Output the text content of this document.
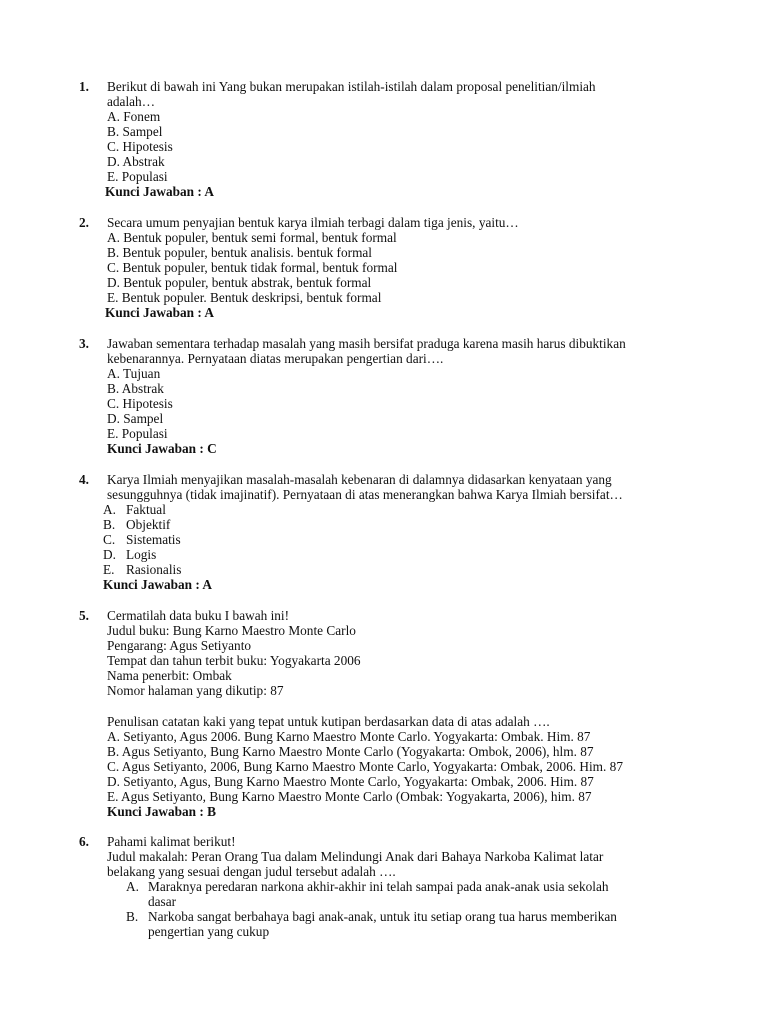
1. Berikut di bawah ini Yang bukan merupakan istilah-istilah dalam proposal penelitian/ilmiah
adalah…
A. Fonem
B. Sampel
C. Hipotesis
D. Abstrak
E. Populasi
Kunci Jawaban : A
2. Secara umum penyajian bentuk karya ilmiah terbagi dalam tiga jenis, yaitu…
A. Bentuk populer, bentuk semi formal, bentuk formal
B. Bentuk populer, bentuk analisis. bentuk formal
C. Bentuk populer, bentuk tidak formal, bentuk formal
D. Bentuk populer, bentuk abstrak, bentuk formal
E. Bentuk populer. Bentuk deskripsi, bentuk formal
Kunci Jawaban : A
3. Jawaban sementara terhadap masalah yang masih bersifat praduga karena masih harus dibuktikan
kebenarannya. Pernyataan diatas merupakan pengertian dari….
A. Tujuan
B. Abstrak
C. Hipotesis
D. Sampel
E. Populasi
Kunci Jawaban : C
4. Karya Ilmiah menyajikan masalah-masalah kebenaran di dalamnya didasarkan kenyataan yang
sesungguhnya (tidak imajinatif). Pernyataan di atas menerangkan bahwa Karya Ilmiah bersifat…
A. Faktual
B. Objektif
C. Sistematis
D. Logis
E. Rasionalis
Kunci Jawaban : A
5. Cermatilah data buku I bawah ini!
Judul buku: Bung Karno Maestro Monte Carlo
Pengarang: Agus Setiyanto
Tempat dan tahun terbit buku: Yogyakarta 2006
Nama penerbit: Ombak
Nomor halaman yang dikutip: 87
Penulisan catatan kaki yang tepat untuk kutipan berdasarkan data di atas adalah ….
A. Setiyanto, Agus 2006. Bung Karno Maestro Monte Carlo. Yogyakarta: Ombak. Him. 87
B. Agus Setiyanto, Bung Karno Maestro Monte Carlo (Yogyakarta: Ombok, 2006), hlm. 87
C. Agus Setiyanto, 2006, Bung Karno Maestro Monte Carlo, Yogyakarta: Ombak, 2006. Him. 87
D. Setiyanto, Agus, Bung Karno Maestro Monte Carlo, Yogyakarta: Ombak, 2006. Him. 87
E. Agus Setiyanto, Bung Karno Maestro Monte Carlo (Ombak: Yogyakarta, 2006), him. 87
Kunci Jawaban : B
6. Pahami kalimat berikut!
Judul makalah: Peran Orang Tua dalam Melindungi Anak dari Bahaya Narkoba Kalimat latar
belakang yang sesuai dengan judul tersebut adalah ….
A. Maraknya peredaran narkona akhir-akhir ini telah sampai pada anak-anak usia sekolah
dasar
B. Narkoba sangat berbahaya bagi anak-anak, untuk itu setiap orang tua harus memberikan
pengertian yang cukup
